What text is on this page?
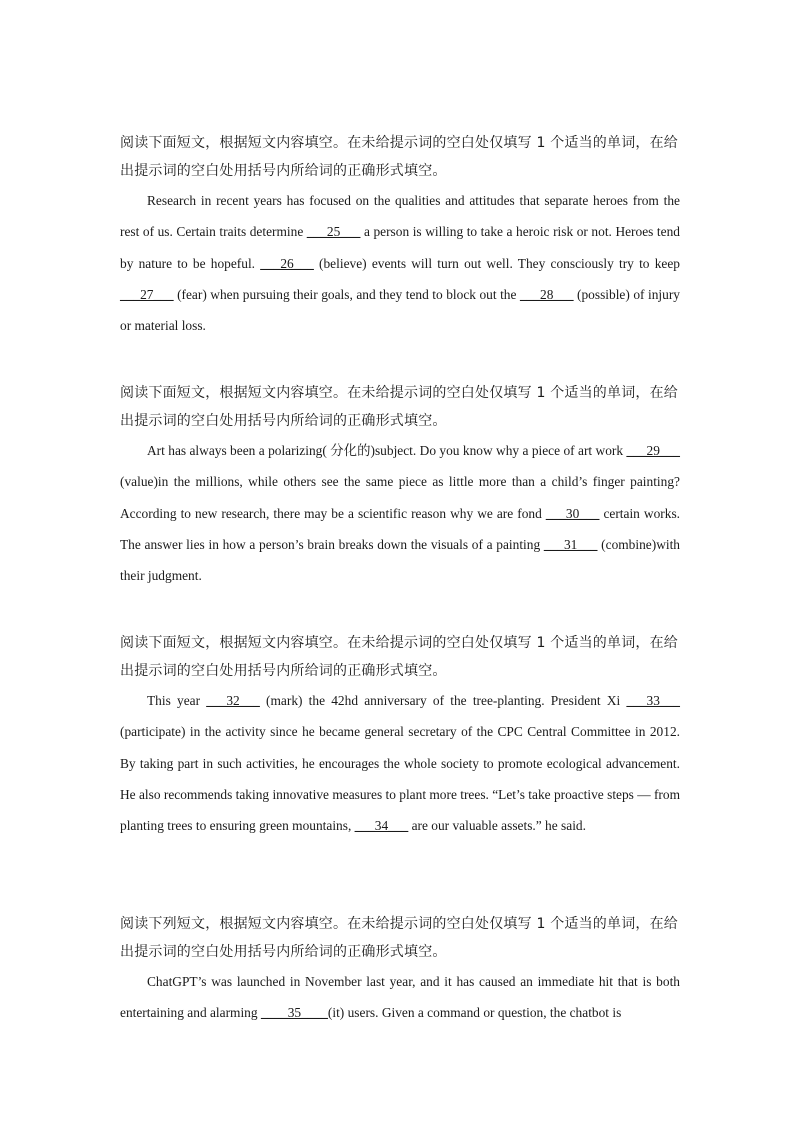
阅读下面短文，根据短文内容填空。在未给提示词的空白处仅填写 1 个适当的单词，在给出提示词的空白处用括号内所给词的正确形式填空。

Research in recent years has focused on the qualities and attitudes that separate heroes from the rest of us. Certain traits determine ___25___ a person is willing to take a heroic risk or not. Heroes tend by nature to be hopeful. ___26___ (believe) events will turn out well. They consciously try to keep ___27___ (fear) when pursuing their goals, and they tend to block out the ___28___ (possible) of injury or material loss.

阅读下面短文，根据短文内容填空。在未给提示词的空白处仅填写 1 个适当的单词，在给出提示词的空白处用括号内所给词的正确形式填空。

Art has always been a polarizing( 分化的)subject. Do you know why a piece of art work ___29___ (value)in the millions, while others see the same piece as little more than a child’s finger painting? According to new research, there may be a scientific reason why we are fond ___30___ certain works. The answer lies in how a person’s brain breaks down the visuals of a painting ___31___ (combine)with their judgment.

阅读下面短文，根据短文内容填空。在未给提示词的空白处仅填写 1 个适当的单词，在给出提示词的空白处用括号内所给词的正确形式填空。

This year ___32___ (mark) the 42hd anniversary of the tree-planting. President Xi ___33___ (participate) in the activity since he became general secretary of the CPC Central Committee in 2012. By taking part in such activities, he encourages the whole society to promote ecological advancement. He also recommends taking innovative measures to plant more trees. “Let’s take proactive steps — from planting trees to ensuring green mountains, ___34___ are our valuable assets.” he said.

阅读下列短文，根据短文内容填空。在未给提示词的空白处仅填写 1 个适当的单词，在给出提示词的空白处用括号内所给词的正确形式填空。

ChatGPT’s was launched in November last year, and it has caused an immediate hit that is both entertaining and alarming ____35____(it) users. Given a command or question, the chatbot is
